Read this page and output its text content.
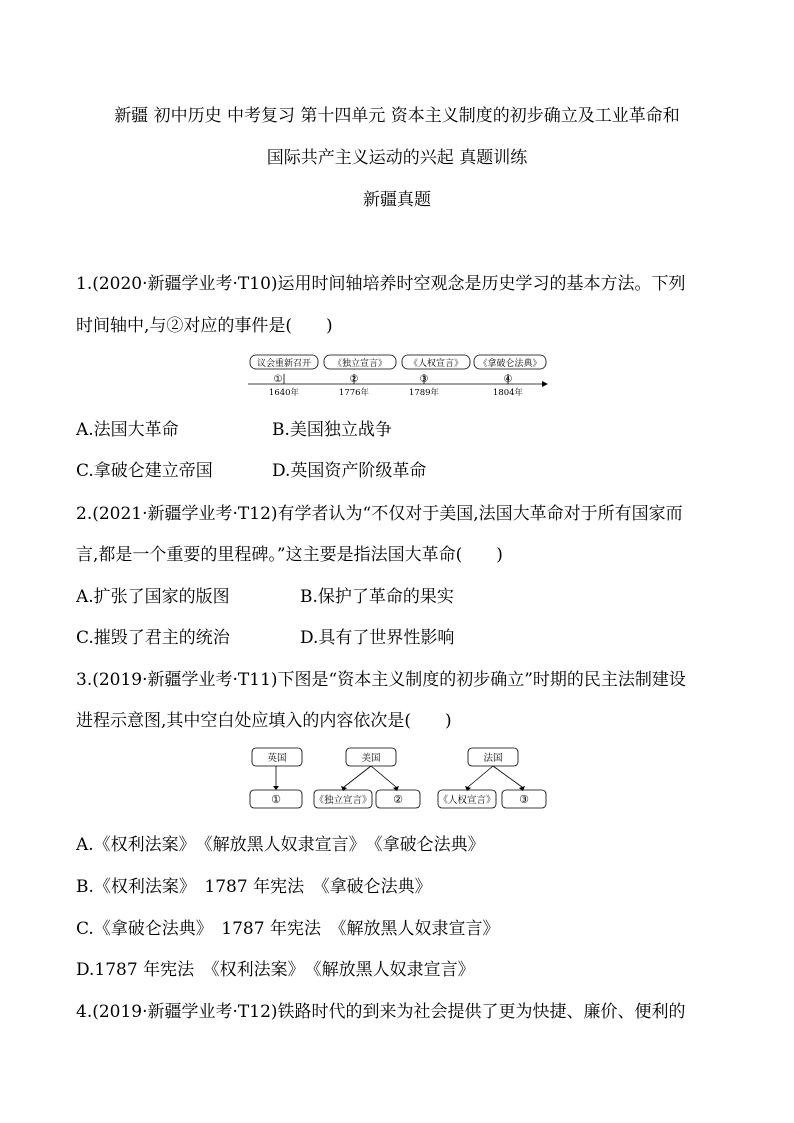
新疆 初中历史 中考复习 第十四单元 资本主义制度的初步确立及工业革命和
国际共产主义运动的兴起 真题训练
新疆真题
1.(2020·新疆学业考·T10)运用时间轴培养时空观念是历史学习的基本方法。下列
时间轴中,与②对应的事件是(　　)
议会重新召开 《独立宣言》 《人权宣言》 《拿破仑法典》
①	②	③	④
1640年	1776年	1789年	1804年
A.法国大革命	B.美国独立战争
C.拿破仑建立帝国	D.英国资产阶级革命
2.(2021·新疆学业考·T12)有学者认为“不仅对于美国,法国大革命对于所有国家而
言,都是一个重要的里程碑。”这主要是指法国大革命(　　)
A.扩张了国家的版图	B.保护了革命的果实
C.摧毁了君主的统治	D.具有了世界性影响
3.(2019·新疆学业考·T11)下图是“资本主义制度的初步确立”时期的民主法制建设
进程示意图,其中空白处应填入的内容依次是(　　)
英国
①
美国
《独立宣言》 ②
法国
《人权宣言》 ③
A.《权利法案》　《解放黑人奴隶宣言》　《拿破仑法典》
B.《权利法案》　1787 年宪法　《拿破仑法典》
C.《拿破仑法典》　1787 年宪法　《解放黑人奴隶宣言》
D.1787 年宪法　《权利法案》　《解放黑人奴隶宣言》
4.(2019·新疆学业考·T12)铁路时代的到来为社会提供了更为快捷、廉价、便利的
